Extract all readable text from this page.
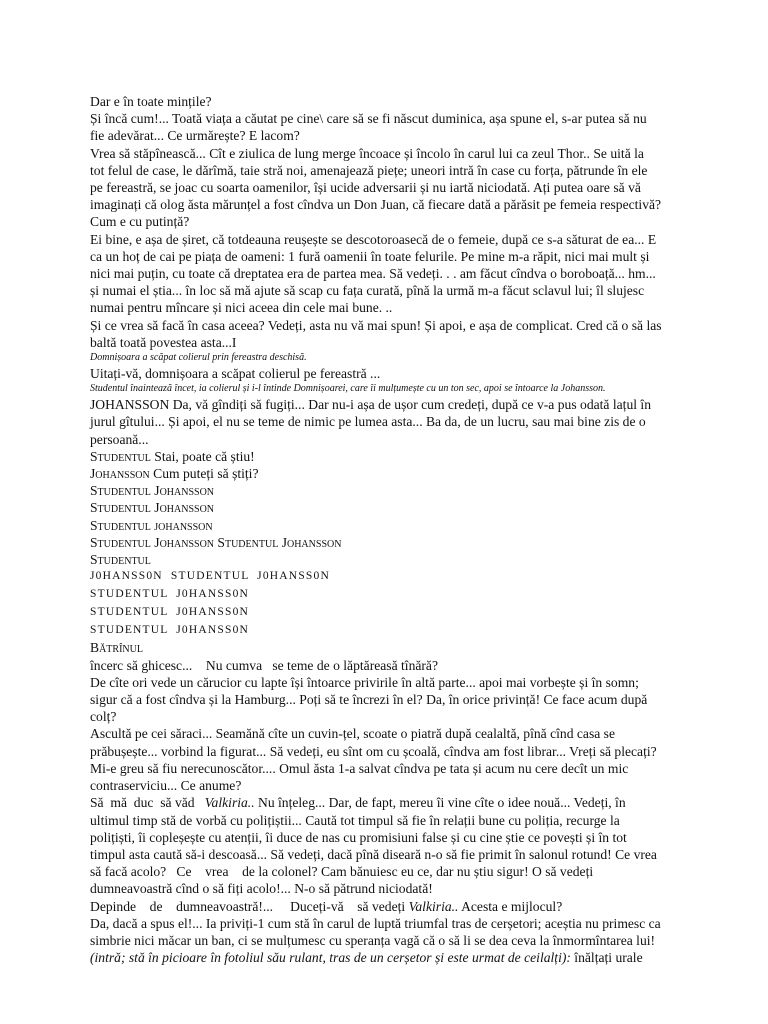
Dar e în toate mințile?
Și încă cum!... Toată viața a căutat pe cine\ care să se fi născut duminica, așa spune el, s-ar putea să nu
fie adevărat... Ce urmărește? E lacom?
Vrea să stăpînească... Cît e ziulica de lung merge încoace și încolo în carul lui ca zeul Thor.. Se uită la
tot felul de case, le dărîmă, taie stră noi, amenajează piețe; uneori intră în case cu forța, pătrunde în ele
pe fereastră, se joac cu soarta oamenilor, își ucide adversarii și nu iartă niciodată. Ați putea oare să vă
imaginați că olog ăsta mărunțel a fost cîndva un Don Juan, că fiecare dată a părăsit pe femeia respectivă?
Cum e cu putință?
Ei bine, e așa de șiret, că totdeauna reușește se descotoroasecă de o femeie, după ce s-a săturat de ea... E
ca un hoț de cai pe piața de oameni: 1 fură oamenii în toate felurile. Pe mine m-a răpit, nici mai mult și
nici mai puțin, cu toate că dreptatea era de partea mea. Să vedeți. . . am făcut cîndva o boroboață... hm...
și numai el știa... în loc să mă ajute să scap cu fața curată, pînă la urmă m-a făcut sclavul lui; îl slujesc
numai pentru mîncare și nici aceea din cele mai bune. ..
Și ce vrea să facă în casa aceea? Vedeți, asta nu vă mai spun! Și apoi, e așa de complicat. Cred că o să las
baltă toată povestea asta...I
Domnișoara a scăpat colierul prin fereastra deschisă.
Uitați-vă, domnișoara a scăpat colierul pe fereastră ...
Studentul înaintează încet, ia colierul și i-l întinde Domnișoarei, care îi mulțumește cu un ton sec, apoi se întoarce la Johansson.
JOHANSSON Da, vă gîndiți să fugiți... Dar nu-i așa de ușor cum credeți, după ce v-a pus odată lațul în
jurul gîtului... Și apoi, el nu se teme de nimic pe lumea asta... Ba da, de un lucru, sau mai bine zis de o
persoană...
Studentul Stai, poate că știu!
Johansson Cum puteți să știți?
Studentul Johansson
Studentul Johansson
Studentul johansson
Studentul Johansson Studentul Johansson
Studentul
J0HANSS0N  STUDENTUL  J0HANSS0N
STUDENTUL  J0HANSS0N
STUDENTUL  J0HANSS0N
STUDENTUL  J0HANSS0N
Bătrînul
încerc să ghicesc...    Nu cumva   se teme de o lăptăreasă tînără?
De cîte ori vede un cărucior cu lapte își întoarce privirile în altă parte... apoi mai vorbește și în somn;
sigur că a fost cîndva și la Hamburg... Poți să te încrezi în el? Da, în orice privință! Ce face acum după
colț?
Ascultă pe cei săraci... Seamănă cîte un cuvin-țel, scoate o piatră după cealaltă, pînă cînd casa se
prăbușește... vorbind la figurat... Să vedeți, eu sînt om cu școală, cîndva am fost librar... Vreți să plecați?
Mi-e greu să fiu nerecunoscător.... Omul ăsta 1-a salvat cîndva pe tata și acum nu cere decît un mic
contraserviciu... Ce anume?
Să  mă  duc  să văd   Valkiria.. Nu înțeleg... Dar, de fapt, mereu îi vine cîte o idee nouă... Vedeți, în
ultimul timp stă de vorbă cu polițiștii... Caută tot timpul să fie în relații bune cu poliția, recurge la
polițiști, îi copleșește cu atenții, îi duce de nas cu promisiuni false și cu cine știe ce povești și în tot
timpul asta caută să-i descoasă... Să vedeți, dacă pînă diseară n-o să fie primit în salonul rotund! Ce vrea
să facă acolo?   Ce    vrea    de la colonel? Cam bănuiesc eu ce, dar nu știu sigur! O să vedeți
dumneavoastră cînd o să fiți acolo!... N-o să pătrund niciodată!
Depinde    de    dumneavoastră!...     Duceți-vă    să vedeți Valkiria.. Acesta e mijlocul?
Da, dacă a spus el!... Ia priviți-1 cum stă în carul de luptă triumfal tras de cerșetori; aceștia nu primesc ca
simbrie nici măcar un ban, ci se mulțumesc cu speranța vagă că o să li se dea ceva la înmormîntarea lui!
(intră; stă în picioare în fotoliul său rulant, tras de un cerșetor și este urmat de ceilalți): înălțați urale
